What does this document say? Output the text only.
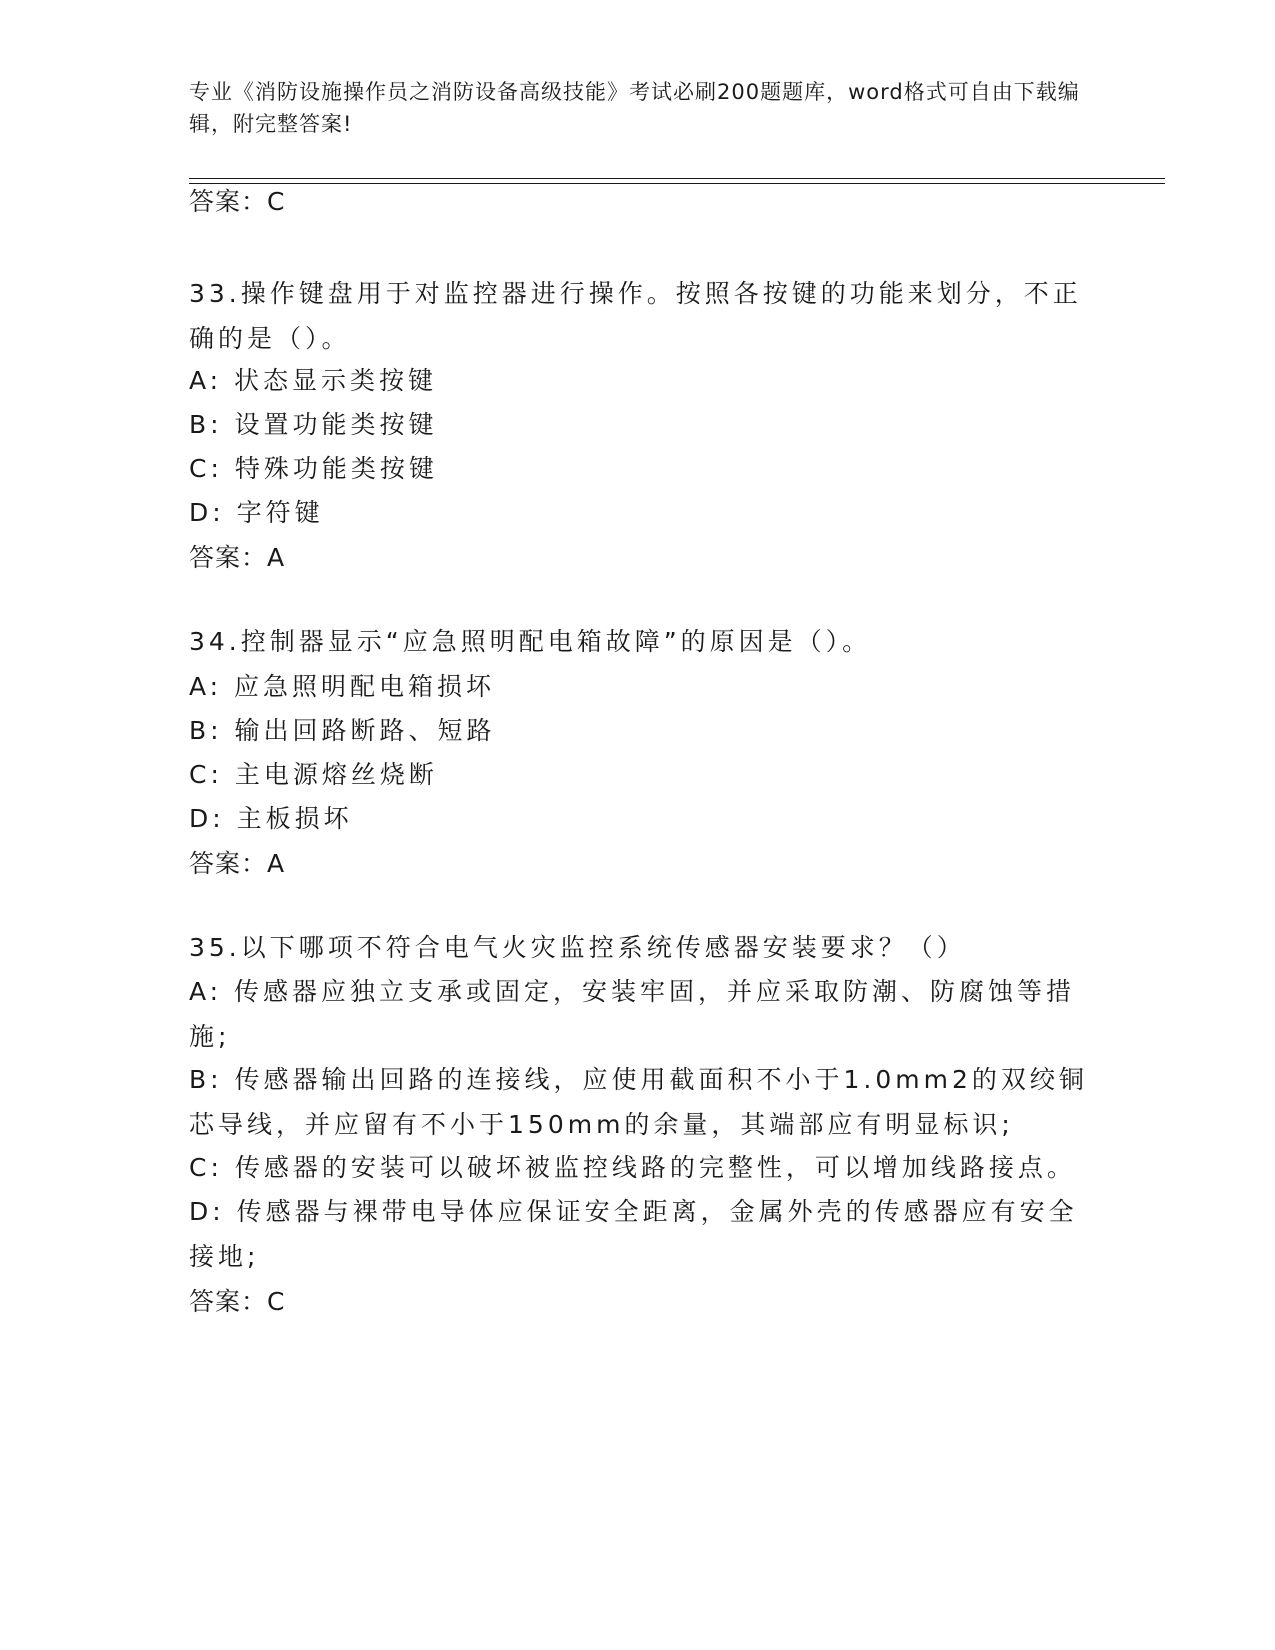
专业《消防设施操作员之消防设备高级技能》考试必刷200题题库，word格式可自由下载编辑，附完整答案!
答案：C
33.操作键盘用于对监控器进行操作。按照各按键的功能来划分，不正确的是（）。
A: 状态显示类按键
B: 设置功能类按键
C: 特殊功能类按键
D: 字符键
答案：A
34.控制器显示“应急照明配电箱故障”的原因是（）。
A: 应急照明配电箱损坏
B: 输出回路断路、短路
C: 主电源熔丝烧断
D: 主板损坏
答案：A
35.以下哪项不符合电气火灾监控系统传感器安装要求？（）
A: 传感器应独立支承或固定，安装牢固，并应采取防潮、防腐蚀等措施;
B: 传感器输出回路的连接线，应使用截面积不小于1.0mm2的双绞铜芯导线，并应留有不小于150mm的余量，其端部应有明显标识;
C: 传感器的安装可以破坏被监控线路的完整性，可以增加线路接点。
D: 传感器与裸带电导体应保证安全距离，金属外壳的传感器应有安全接地;
答案：C
